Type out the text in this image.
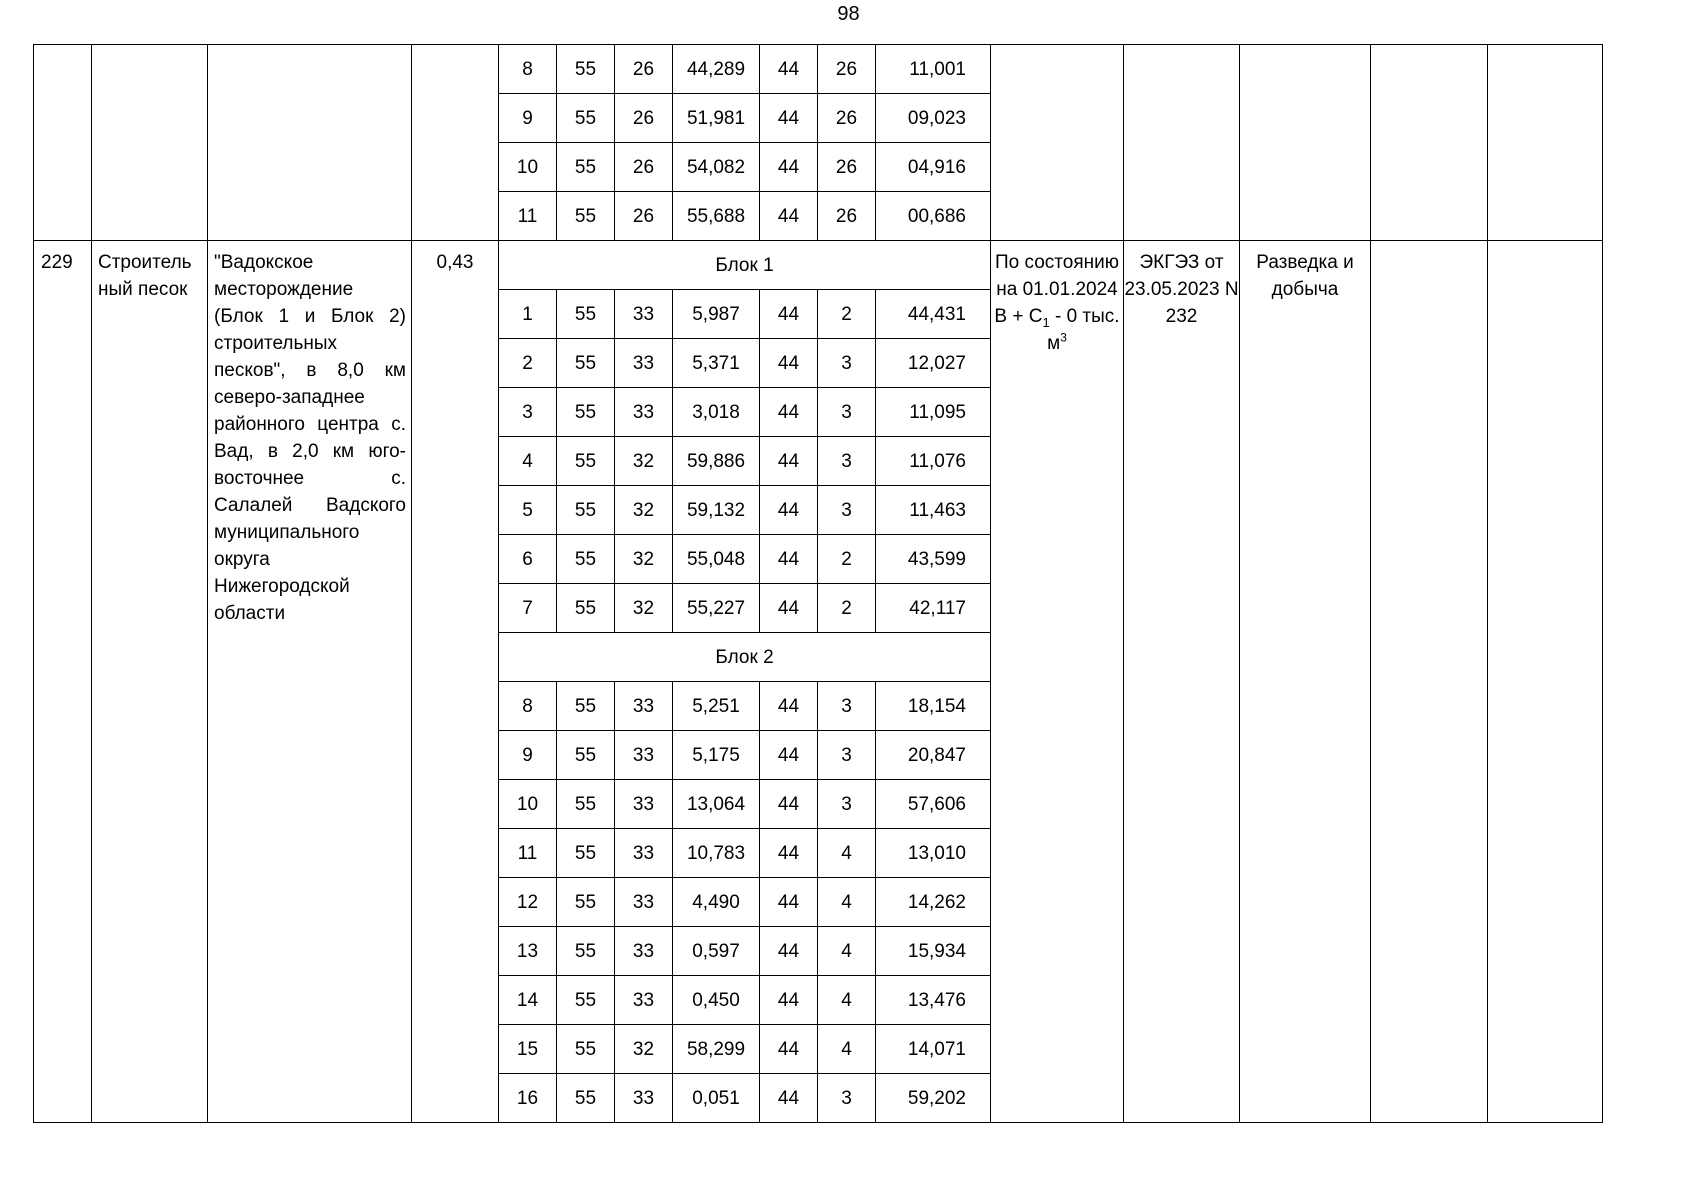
98
				8	55	26	44,289	44	26	11,001					
				9	55	26	51,981	44	26	09,023					
				10	55	26	54,082	44	26	04,916					
				11	55	26	55,688	44	26	00,686					
229	Строитель ный песок	"Вадокское месторождение (Блок 1 и Блок 2) строительных песков", в 8,0 км северо-западнее районного центра с. Вад, в 2,0 км юго-восточнее с. Салалей Вадского муниципального округа Нижегородской области	0,43	Блок 1							По состоянию на 01.01.2024 $В + С_1 - 0$ тыс. $м^3$	ЭКГЭЗ от 23.05.2023 N 232	Разведка и добыча		
				1	55	33	5,987	44	2	44,431					
				2	55	33	5,371	44	3	12,027					
				3	55	33	3,018	44	3	11,095					
				4	55	32	59,886	44	3	11,076					
				5	55	32	59,132	44	3	11,463					
				6	55	32	55,048	44	2	43,599					
				7	55	32	55,227	44	2	42,117					
				Блок 2											
				8	55	33	5,251	44	3	18,154					
				9	55	33	5,175	44	3	20,847					
				10	55	33	13,064	44	3	57,606					
				11	55	33	10,783	44	4	13,010					
				12	55	33	4,490	44	4	14,262					
				13	55	33	0,597	44	4	15,934					
				14	55	33	0,450	44	4	13,476					
				15	55	32	58,299	44	4	14,071					
				16	55	33	0,051	44	3	59,202					
